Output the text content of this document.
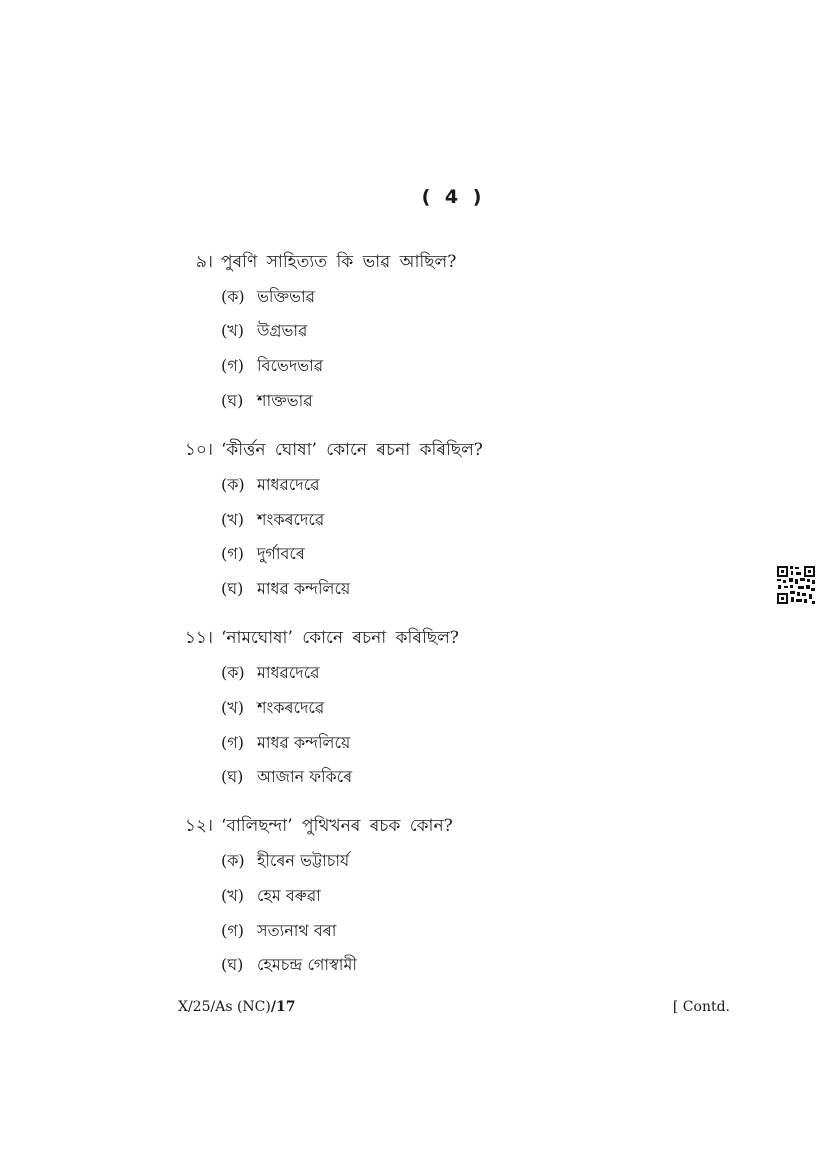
( 4 )
৯। পুৰণি সাহিত্যত কি ভাৱ আছিল?
(ক) ভক্তিভাৱ
(খ) উগ্ৰভাৱ
(গ) বিভেদভাৱ
(ঘ) শাক্তভাৱ
১০। ‘কীৰ্ত্তন ঘোষা’ কোনে ৰচনা কৰিছিল?
(ক) মাধৱদেৱে
(খ) শংকৰদেৱে
(গ) দুৰ্গাবৰে
(ঘ) মাধৱ কন্দলিয়ে
১১। ‘নামঘোষা’ কোনে ৰচনা কৰিছিল?
(ক) মাধৱদেৱে
(খ) শংকৰদেৱে
(গ) মাধৱ কন্দলিয়ে
(ঘ) আজান ফকিৰে
১২। ‘বালিছন্দা’ পুথিখনৰ ৰচক কোন?
(ক) হীৰেন ভট্টাচাৰ্য
(খ) হেম বৰুৱা
(গ) সত্যনাথ বৰা
(ঘ) হেমচন্দ্ৰ গোস্বামী
X/25/As (NC)/17	[ Contd.
